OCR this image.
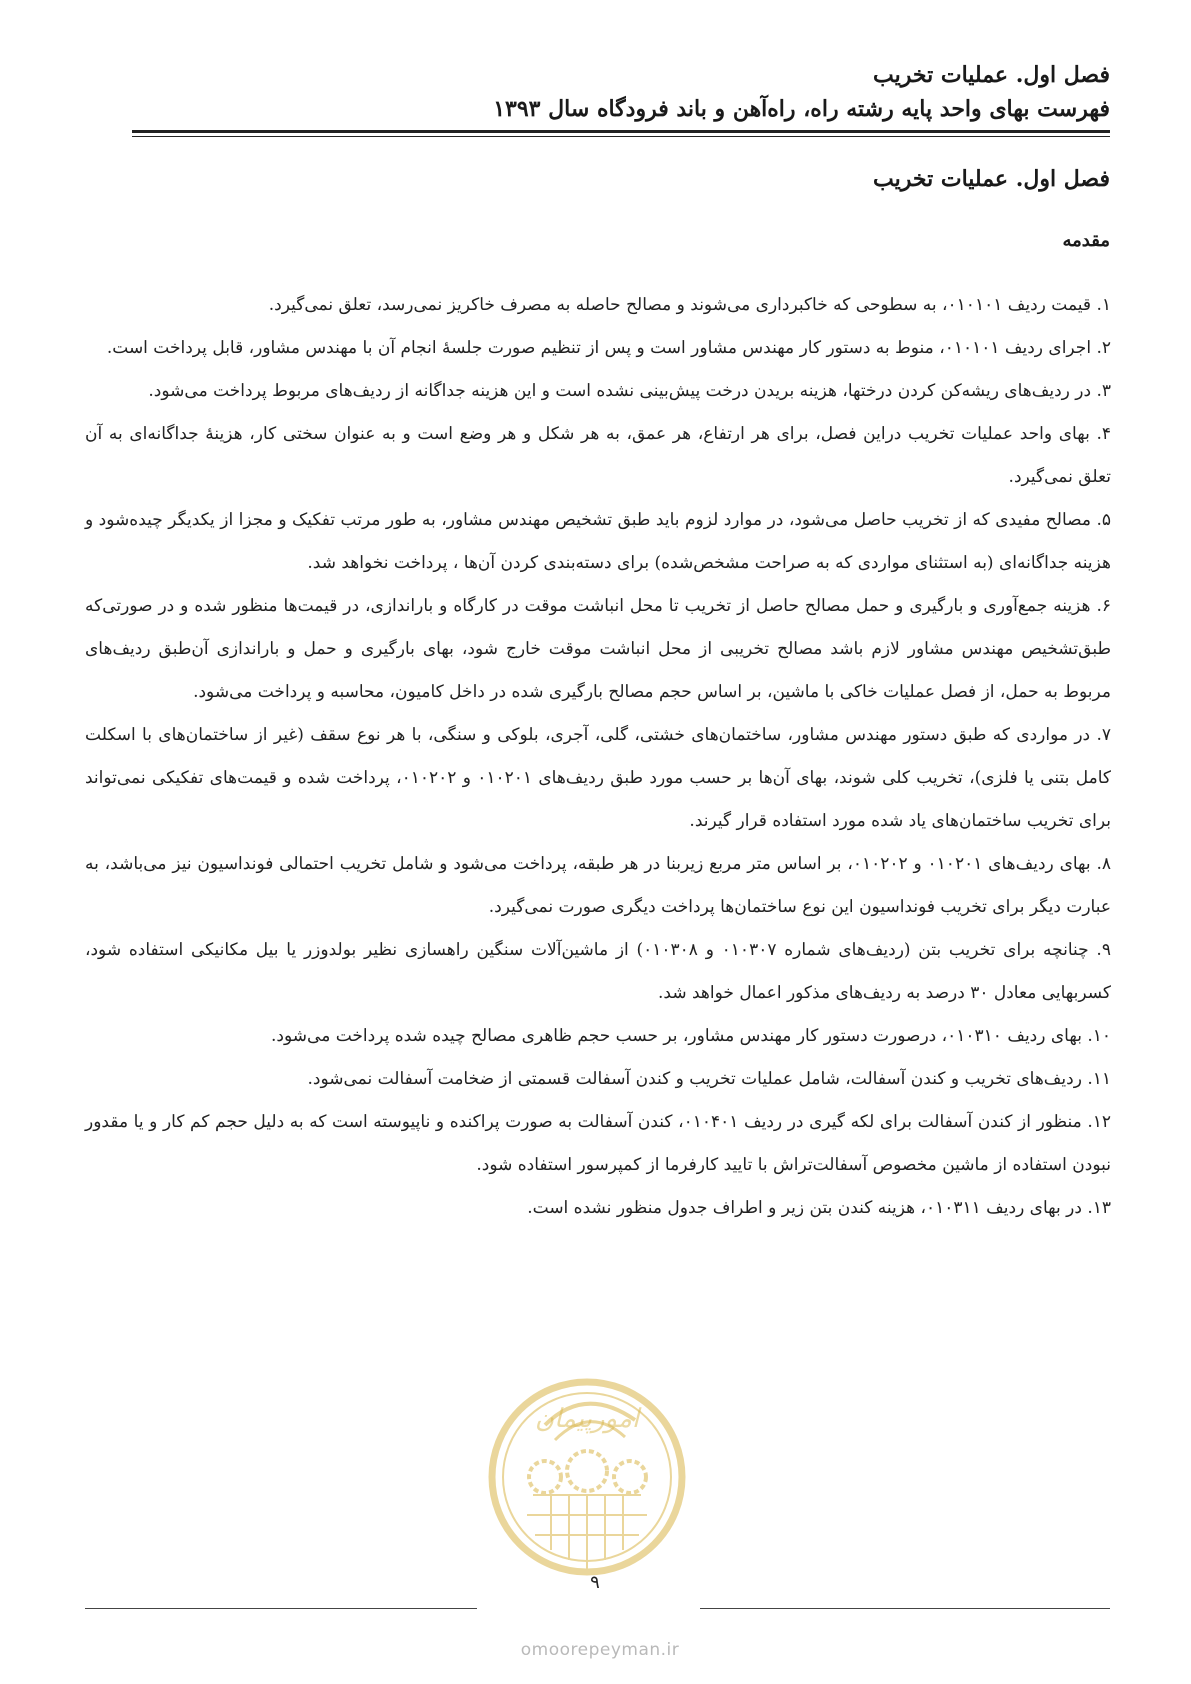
فصل اول. عملیات تخریب
فهرست بهای واحد پایه رشته راه، راه‌آهن و باند فرودگاه سال ۱۳۹۳
فصل اول. عملیات تخریب
مقدمه

۱. قیمت ردیف ۰۱۰۱۰۱، به سطوحی که خاکبرداری می‌شوند و مصالح حاصله به مصرف خاکریز نمی‌رسد، تعلق نمی‌گیرد.

۲. اجرای ردیف ۰۱۰۱۰۱، منوط به دستور کار مهندس مشاور است و پس از تنظیم صورت جلسهٔ انجام آن با مهندس مشاور، قابل پرداخت است.

۳. در ردیف‌های ریشه‌کن کردن درختها، هزینه بریدن درخت پیش‌بینی نشده است و این هزینه جداگانه از ردیف‌های مربوط پرداخت می‌شود.

۴. بهای واحد عملیات تخریب دراین فصل، برای هر ارتفاع، هر عمق، به هر شکل و هر وضع است و به عنوان سختی کار، هزینهٔ جداگانه‌ای به آن تعلق نمی‌گیرد.

۵. مصالح مفیدی که از تخریب حاصل می‌شود، در موارد لزوم باید طبق تشخیص مهندس مشاور، به طور مرتب تفکیک و مجزا از یکدیگر چیده‌شود و هزینه جداگانه‌ای (به استثنای مواردی که به صراحت مشخص‌شده) برای دسته‌بندی کردن آن‌ها ، پرداخت نخواهد شد.

۶. هزینه جمع‌آوری و بارگیری و حمل مصالح حاصل از تخریب تا محل انباشت موقت در کارگاه و باراندازی، در قیمت‌ها منظور شده و در صورتی‌که طبق‌تشخیص مهندس مشاور لازم باشد مصالح تخریبی از محل انباشت موقت خارج شود، بهای بارگیری و حمل و باراندازی آن‌طبق ردیف‌های مربوط به حمل، از فصل عملیات خاکی با ماشین، بر اساس حجم مصالح بارگیری شده در داخل کامیون، محاسبه و پرداخت می‌شود.

۷. در مواردی که طبق دستور مهندس مشاور، ساختمان‌های خشتی، گلی، آجری، بلوکی و سنگی، با هر نوع سقف (غیر از ساختمان‌های با اسکلت کامل بتنی یا فلزی)، تخریب کلی شوند، بهای آن‌ها بر حسب مورد طبق ردیف‌های ۰۱۰۲۰۱ و ۰۱۰۲۰۲، پرداخت شده و قیمت‌های تفکیکی نمی‌تواند برای تخریب ساختمان‌های یاد شده مورد استفاده قرار گیرند.

۸. بهای ردیف‌های ۰۱۰۲۰۱ و ۰۱۰۲۰۲، بر اساس متر مربع زیربنا در هر طبقه، پرداخت می‌شود و شامل تخریب احتمالی فونداسیون نیز می‌باشد، به عبارت دیگر برای تخریب فونداسیون این نوع ساختمان‌ها پرداخت دیگری صورت نمی‌گیرد.

۹. چنانچه برای تخریب بتن (ردیف‌های شماره ۰۱۰۳۰۷ و ۰۱۰۳۰۸) از ماشین‌آلات سنگین راهسازی نظیر بولدوزر یا بیل مکانیکی استفاده شود، کسربهایی معادل ۳۰ درصد به ردیف‌های مذکور اعمال خواهد شد.

۱۰. بهای ردیف ۰۱۰۳۱۰، درصورت دستور کار مهندس مشاور، بر حسب حجم ظاهری مصالح چیده شده پرداخت می‌شود.

۱۱. ردیف‌های تخریب و کندن آسفالت، شامل عملیات تخریب و کندن آسفالت قسمتی از ضخامت آسفالت نمی‌شود.

۱۲. منظور از کندن آسفالت برای لکه گیری در ردیف ۰۱۰۴۰۱، کندن آسفالت به صورت پراکنده و ناپیوسته است که به دلیل حجم کم کار و یا مقدور نبودن استفاده از ماشین مخصوص آسفالت‌تراش با تایید کارفرما از کمپرسور استفاده شود.

۱۳. در بهای ردیف ۰۱۰۳۱۱، هزینه کندن بتن زیر و اطراف جدول منظور نشده است.

امورپیمان
۹
omoorepeyman.ir
